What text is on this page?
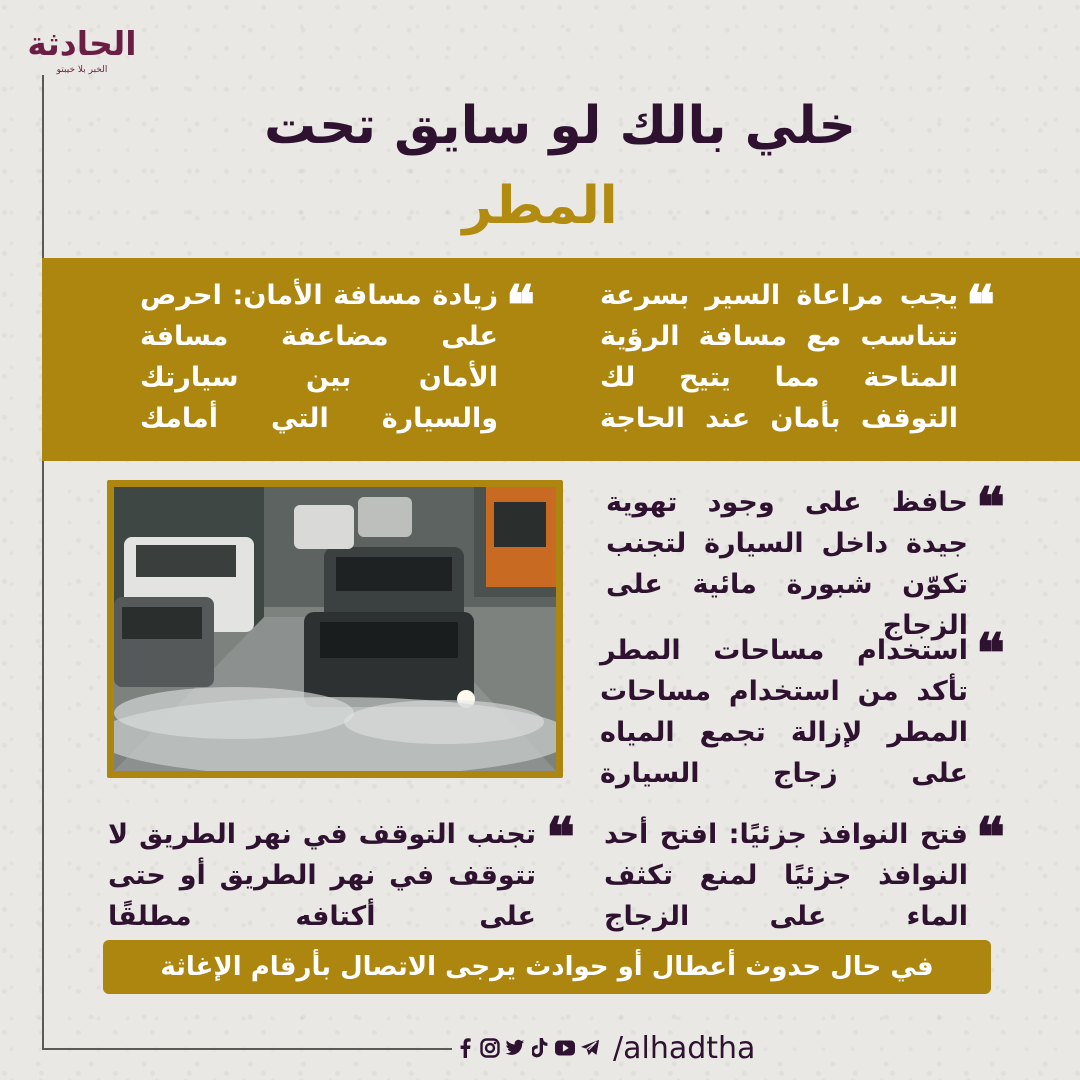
الحادثة
الخبر بلا خيبتو
خلي بالك لو سايق تحت
المطر
❝
يجب مراعاة السير بسرعة تتناسب مع مسافة الرؤية المتاحة مما يتيح لك التوقف بأمان عند الحاجة
❝
زيادة مسافة الأمان: احرص على مضاعفة مسافة الأمان بين سيارتك والسيارة التي أمامك
❝
حافظ على وجود تهوية جيدة داخل السيارة لتجنب تكوّن شبورة مائية على الزجاج ❝
استخدام مساحات المطر تأكد من استخدام مساحات المطر لإزالة تجمع المياه على زجاج السيارة
❝
فتح النوافذ جزئيًا: افتح أحد النوافذ جزئيًا لمنع تكثف الماء على الزجاج
❝
تجنب التوقف في نهر الطريق لا تتوقف في نهر الطريق أو حتى على أكتافه مطلقًا
في حال حدوث أعطال أو حوادث يرجى الاتصال بأرقام الإغاثة
/alhadtha
